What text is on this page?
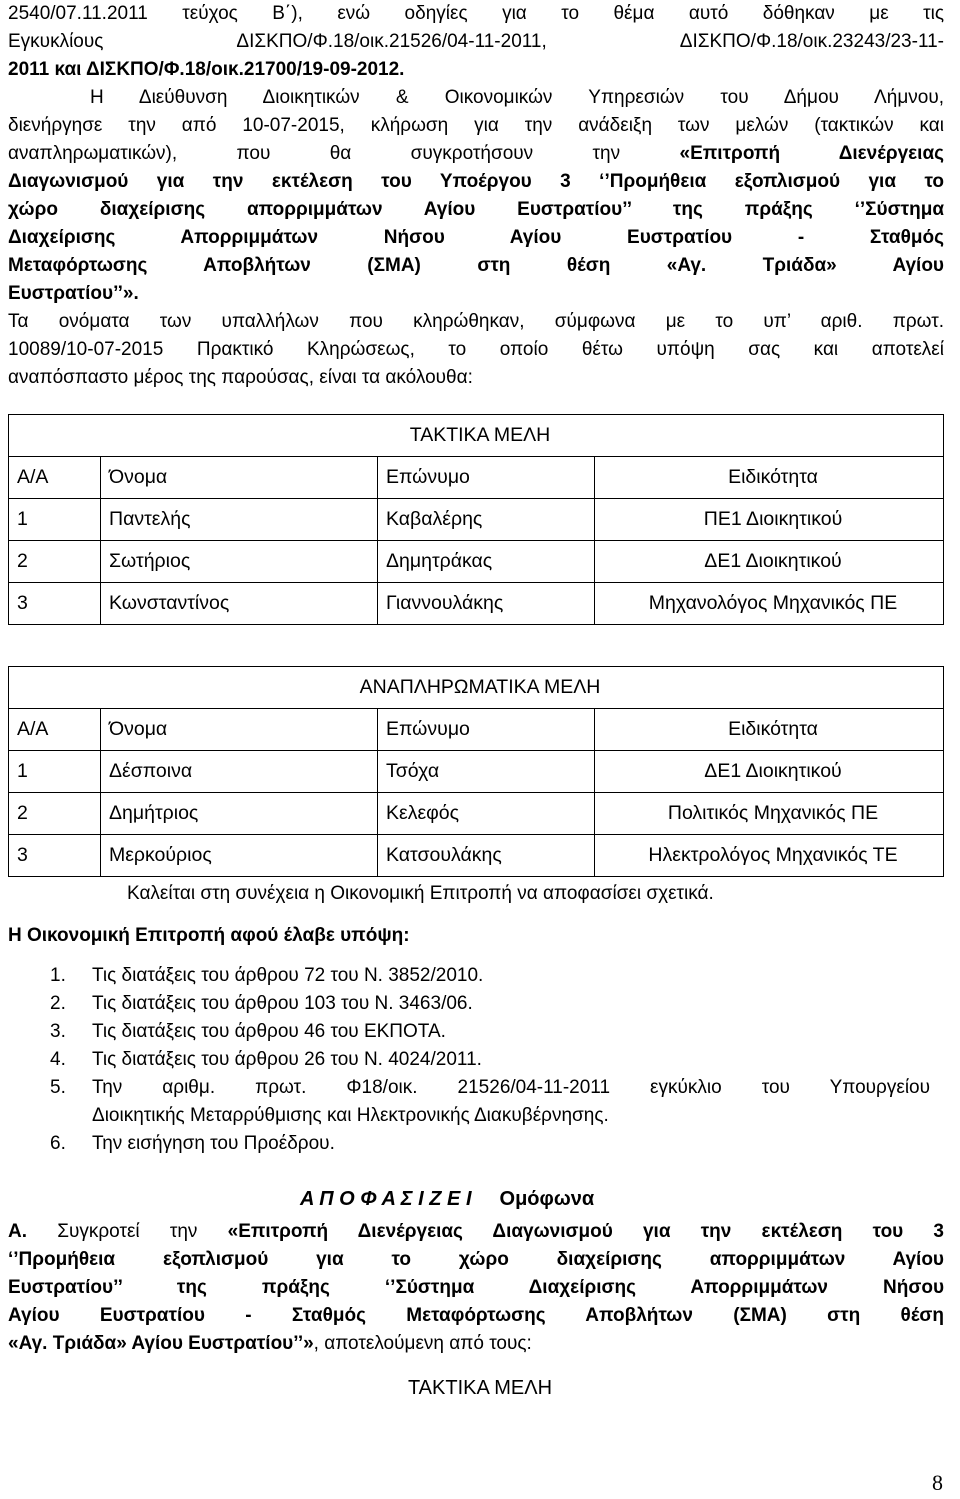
2540/07.11.2011 τεύχος Β΄), ενώ οδηγίες για το θέμα αυτό δόθηκαν με τις

Εγκυκλίους ΔΙΣΚΠΟ/Φ.18/οικ.21526/04-11-2011, ΔΙΣΚΠΟ/Φ.18/οικ.23243/23-11-

2011 και ΔΙΣΚΠΟ/Φ.18/οικ.21700/19-09-2012.

Η Διεύθυνση Διοικητικών & Οικονομικών Υπηρεσιών του Δήμου Λήμνου,

διενήργησε την από 10-07-2015, κλήρωση για την ανάδειξη των μελών (τακτικών και

αναπληρωματικών), που θα συγκροτήσουν την «Επιτροπή Διενέργειας

Διαγωνισμού για την εκτέλεση του Υποέργου 3 ‘’Προμήθεια εξοπλισμού για το

χώρο διαχείρισης απορριμμάτων Αγίου Ευστρατίου’’ της πράξης ‘’Σύστημα

Διαχείρισης Απορριμμάτων Νήσου Αγίου Ευστρατίου - Σταθμός

Μεταφόρτωσης Αποβλήτων (ΣΜΑ) στη θέση «Αγ. Τριάδα» Αγίου

Ευστρατίου’’».

Τα ονόματα των υπαλλήλων που κληρώθηκαν, σύμφωνα με το υπ’ αριθ. πρωτ.

10089/10-07-2015 Πρακτικό Κληρώσεως, το οποίο θέτω υπόψη σας και αποτελεί

αναπόσπαστο μέρος της παρούσας, είναι τα ακόλουθα:

ΤΑΚΤΙΚΑ ΜΕΛΗ			
Α/Α	Όνομα	Επώνυμο	Ειδικότητα
1	Παντελής	Καβαλέρης	ΠΕ1 Διοικητικού
2	Σωτήριος	Δημητράκας	ΔΕ1 Διοικητικού
3	Κωνσταντίνος	Γιαννουλάκης	Μηχανολόγος Μηχανικός ΠΕ
ΑΝΑΠΛΗΡΩΜΑΤΙΚΑ ΜΕΛΗ			
Α/Α	Όνομα	Επώνυμο	Ειδικότητα
1	Δέσποινα	Τσόχα	ΔΕ1 Διοικητικού
2	Δημήτριος	Κελεφός	Πολιτικός Μηχανικός ΠΕ
3	Μερκούριος	Κατσουλάκης	Ηλεκτρολόγος Μηχανικός ΤΕ

Καλείται στη συνέχεια η Οικονομική Επιτροπή να αποφασίσει σχετικά.

Η Οικονομική Επιτροπή αφού έλαβε υπόψη:

1.	Τις διατάξεις του άρθρου 72 του Ν. 3852/2010.
2.	Τις διατάξεις του άρθρου 103 του Ν. 3463/06.
3.	Τις διατάξεις του άρθρου 46 του ΕΚΠΟΤΑ.
4.	Τις διατάξεις του άρθρου 26 του Ν. 4024/2011.
5.	Την αριθμ. πρωτ. Φ18/οικ. 21526/04-11-2011 εγκύκλιο του Υπουργείου
Διοικητικής Μεταρρύθμισης και Ηλεκτρονικής Διακυβέρνησης.
6.	Την εισήγηση του Προέδρου.

Α Π Ο Φ Α Σ Ι Ζ Ε Ι Ομόφωνα

Α. Συγκροτεί την «Επιτροπή Διενέργειας Διαγωνισμού για την εκτέλεση του 3

‘’Προμήθεια εξοπλισμού για το χώρο διαχείρισης απορριμμάτων Αγίου

Ευστρατίου’’ της πράξης ‘’Σύστημα Διαχείρισης Απορριμμάτων Νήσου

Αγίου Ευστρατίου - Σταθμός Μεταφόρτωσης Αποβλήτων (ΣΜΑ) στη θέση

«Αγ. Τριάδα» Αγίου Ευστρατίου’’», αποτελούμενη από τους:

ΤΑΚΤΙΚΑ ΜΕΛΗ

8
